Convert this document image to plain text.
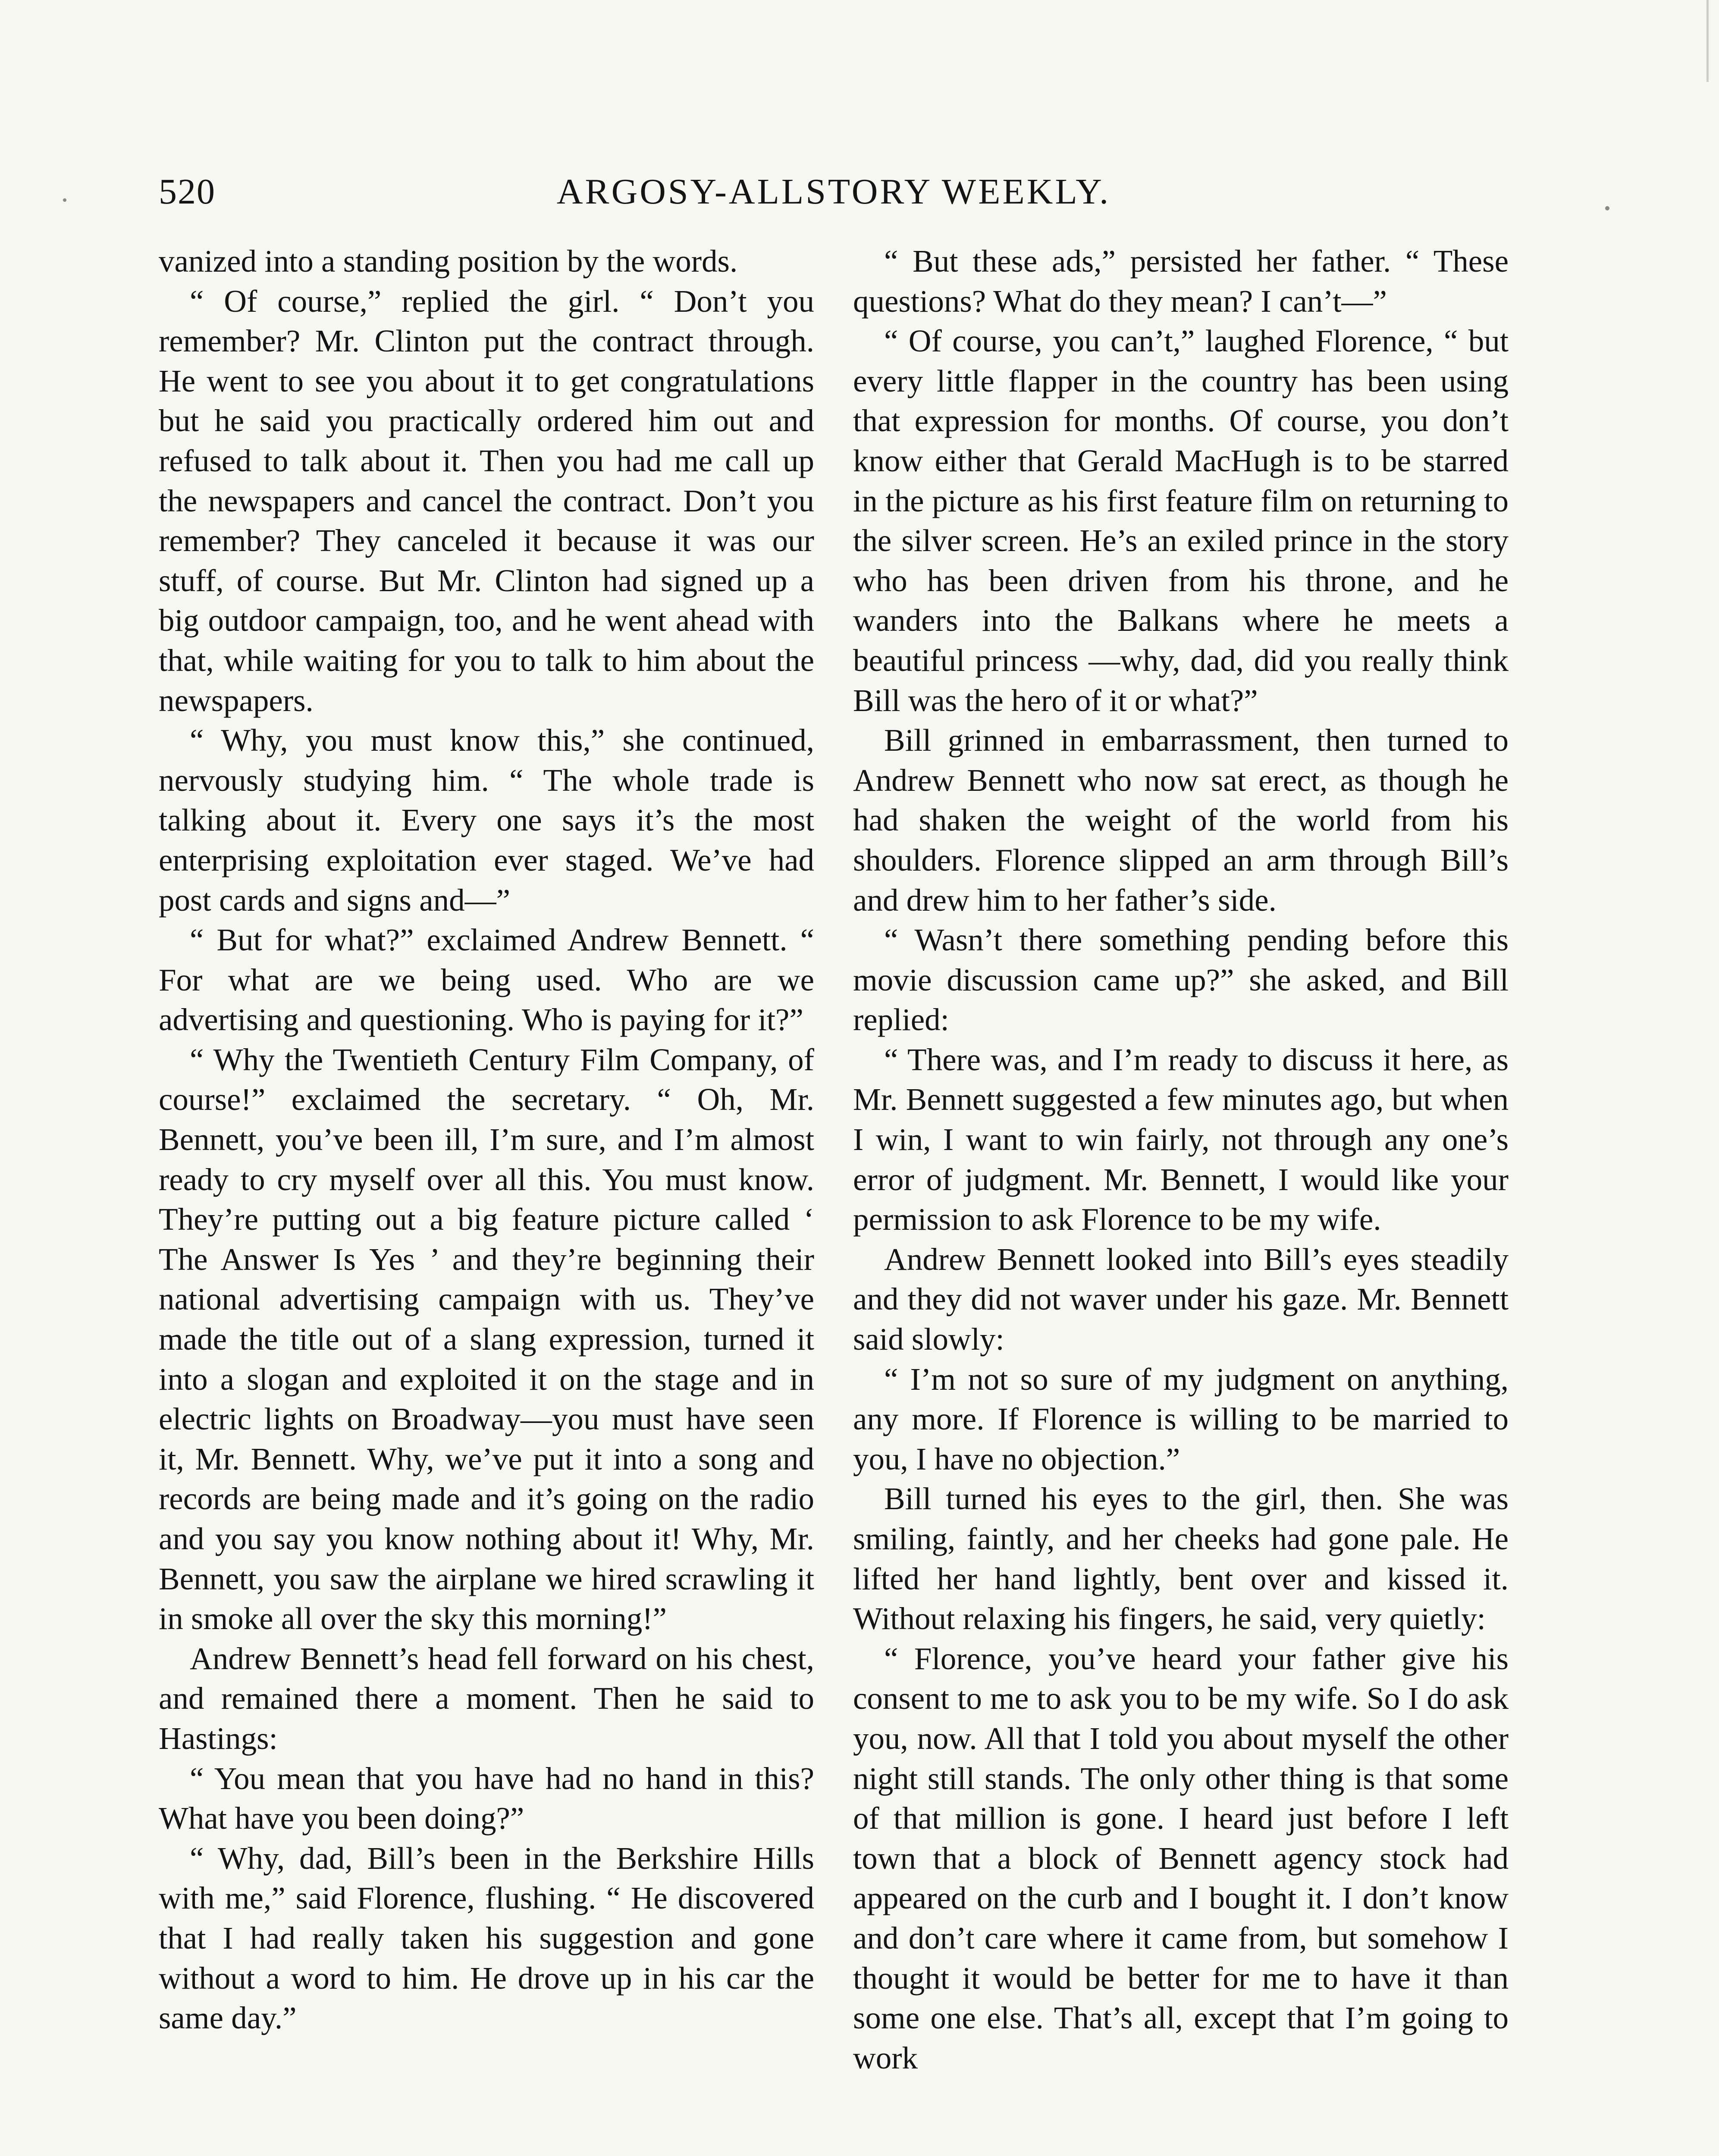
520	ARGOSY-ALLSTORY WEEKLY.

vanized into a standing position by the words.

“ Of course,” replied the girl. “ Don’t you remember? Mr. Clinton put the contract through. He went to see you about it to get congratulations but he said you practically ordered him out and refused to talk about it. Then you had me call up the newspapers and cancel the contract. Don’t you remember? They canceled it because it was our stuff, of course. But Mr. Clinton had signed up a big outdoor campaign, too, and he went ahead with that, while waiting for you to talk to him about the newspapers.

“ Why, you must know this,” she continued, nervously studying him. “ The whole trade is talking about it. Every one says it’s the most enterprising exploitation ever staged. We’ve had post cards and signs and—”

“ But for what?” exclaimed Andrew Bennett. “ For what are we being used. Who are we advertising and questioning. Who is paying for it?”

“ Why the Twentieth Century Film Company, of course!” exclaimed the secretary. “ Oh, Mr. Bennett, you’ve been ill, I’m sure, and I’m almost ready to cry myself over all this. You must know. They’re putting out a big feature picture called ‘ The Answer Is Yes ’ and they’re beginning their national advertising campaign with us. They’ve made the title out of a slang expression, turned it into a slogan and exploited it on the stage and in electric lights on Broadway—you must have seen it, Mr. Bennett. Why, we’ve put it into a song and records are being made and it’s going on the radio and you say you know nothing about it! Why, Mr. Bennett, you saw the airplane we hired scrawling it in smoke all over the sky this morning!”

Andrew Bennett’s head fell forward on his chest, and remained there a moment. Then he said to Hastings:

“ You mean that you have had no hand in this? What have you been doing?”

“ Why, dad, Bill’s been in the Berkshire Hills with me,” said Florence, flushing. “ He discovered that I had really taken his suggestion and gone without a word to him. He drove up in his car the same day.”

“ But these ads,” persisted her father. “ These questions? What do they mean? I can’t—”

“ Of course, you can’t,” laughed Florence, “ but every little flapper in the country has been using that expression for months. Of course, you don’t know either that Gerald MacHugh is to be starred in the picture as his first feature film on returning to the silver screen. He’s an exiled prince in the story who has been driven from his throne, and he wanders into the Balkans where he meets a beautiful princess —why, dad, did you really think Bill was the hero of it or what?”

Bill grinned in embarrassment, then turned to Andrew Bennett who now sat erect, as though he had shaken the weight of the world from his shoulders. Florence slipped an arm through Bill’s and drew him to her father’s side.

“ Wasn’t there something pending before this movie discussion came up?” she asked, and Bill replied:

“ There was, and I’m ready to discuss it here, as Mr. Bennett suggested a few minutes ago, but when I win, I want to win fairly, not through any one’s error of judgment. Mr. Bennett, I would like your permission to ask Florence to be my wife.

Andrew Bennett looked into Bill’s eyes steadily and they did not waver under his gaze. Mr. Bennett said slowly:

“ I’m not so sure of my judgment on anything, any more. If Florence is willing to be married to you, I have no objection.”

Bill turned his eyes to the girl, then. She was smiling, faintly, and her cheeks had gone pale. He lifted her hand lightly, bent over and kissed it. Without relaxing his fingers, he said, very quietly:

“ Florence, you’ve heard your father give his consent to me to ask you to be my wife. So I do ask you, now. All that I told you about myself the other night still stands. The only other thing is that some of that million is gone. I heard just before I left town that a block of Bennett agency stock had appeared on the curb and I bought it. I don’t know and don’t care where it came from, but somehow I thought it would be better for me to have it than some one else. That’s all, except that I’m going to work
